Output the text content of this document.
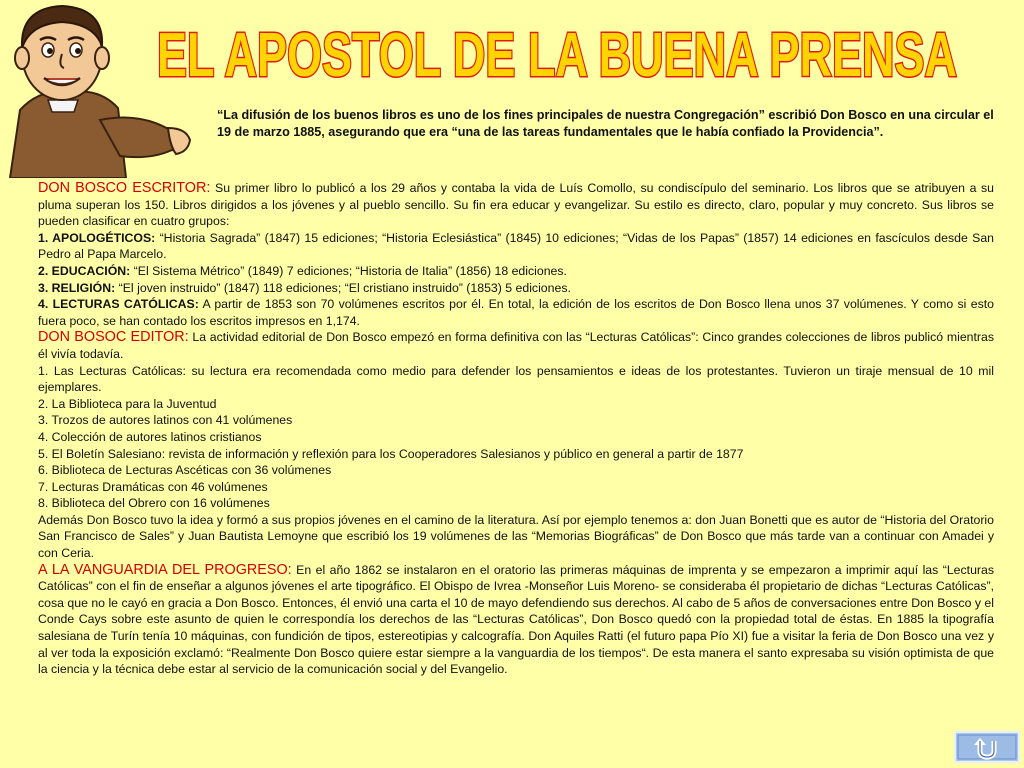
EL APOSTOL DE LA BUENA PRENSA
“La difusión de los buenos libros es uno de los fines principales de nuestra Congregación” escribió Don Bosco en una circular el 19 de marzo 1885, asegurando que era “una de las tareas fundamentales que le había confiado la Providencia”.

DON BOSCO ESCRITOR: Su primer libro lo publicó a los 29 años y contaba la vida de Luís Comollo, su condiscípulo del seminario. Los libros que se atribuyen a su pluma superan los 150. Libros dirigidos a los jóvenes y al pueblo sencillo. Su fin era educar y evangelizar. Su estilo es directo, claro, popular y muy concreto. Sus libros se pueden clasificar en cuatro grupos:

1. APOLOGÉTICOS: “Historia Sagrada” (1847) 15 ediciones; “Historia Eclesiástica” (1845) 10 ediciones; “Vidas de los Papas” (1857) 14 ediciones en fascículos desde San Pedro al Papa Marcelo.

2. EDUCACIÓN: “El Sistema Métrico” (1849) 7 ediciones; “Historia de Italia” (1856) 18 ediciones.

3. RELIGIÓN: “El joven instruido” (1847) 118 ediciones; “El cristiano instruido” (1853) 5 ediciones.

4. LECTURAS CATÓLICAS: A partir de 1853 son 70 volúmenes escritos por él. En total, la edición de los escritos de Don Bosco llena unos 37 volúmenes. Y como si esto fuera poco, se han contado los escritos impresos en 1,174.

DON BOSOC EDITOR: La actividad editorial de Don Bosco empezó en forma definitiva con las “Lecturas Católicas”: Cinco grandes colecciones de libros publicó mientras él vivía todavía.

1. Las Lecturas Católicas: su lectura era recomendada como medio para defender los pensamientos e ideas de los protestantes. Tuvieron un tiraje mensual de 10 mil ejemplares.

2. La Biblioteca para la Juventud

3. Trozos de autores latinos con 41 volúmenes

4. Colección de autores latinos cristianos

5. El Boletín Salesiano: revista de información y reflexión para los Cooperadores Salesianos y público en general a partir de 1877

6. Biblioteca de Lecturas Ascéticas con 36 volúmenes

7. Lecturas Dramáticas con 46 volúmenes

8. Biblioteca del Obrero con 16 volúmenes

Además Don Bosco tuvo la idea y formó a sus propios jóvenes en el camino de la literatura. Así por ejemplo tenemos a: don Juan Bonetti que es autor de “Historia del Oratorio San Francisco de Sales” y Juan Bautista Lemoyne que escribió los 19 volúmenes de las “Memorias Biográficas” de Don Bosco que más tarde van a continuar con Amadei y con Ceria.

A LA VANGUARDIA DEL PROGRESO: En el año 1862 se instalaron en el oratorio las primeras máquinas de imprenta y se empezaron a imprimir aquí las “Lecturas Católicas” con el fin de enseñar a algunos jóvenes el arte tipográfico. El Obispo de Ivrea -Monseñor Luis Moreno- se consideraba él propietario de dichas “Lecturas Católicas”, cosa que no le cayó en gracia a Don Bosco. Entonces, él envió una carta el 10 de mayo defendiendo sus derechos. Al cabo de 5 años de conversaciones entre Don Bosco y el Conde Cays sobre este asunto de quien le correspondía los derechos de las “Lecturas Católicas”, Don Bosco quedó con la propiedad total de éstas. En 1885 la tipografía salesiana de Turín tenía 10 máquinas, con fundición de tipos, estereotipias y calcografía. Don Aquiles Ratti (el futuro papa Pío XI) fue a visitar la feria de Don Bosco una vez y al ver toda la exposición exclamó: “Realmente Don Bosco quiere estar siempre a la vanguardia de los tiempos“. De esta manera el santo expresaba su visión optimista de que la ciencia y la técnica debe estar al servicio de la comunicación social y del Evangelio.
